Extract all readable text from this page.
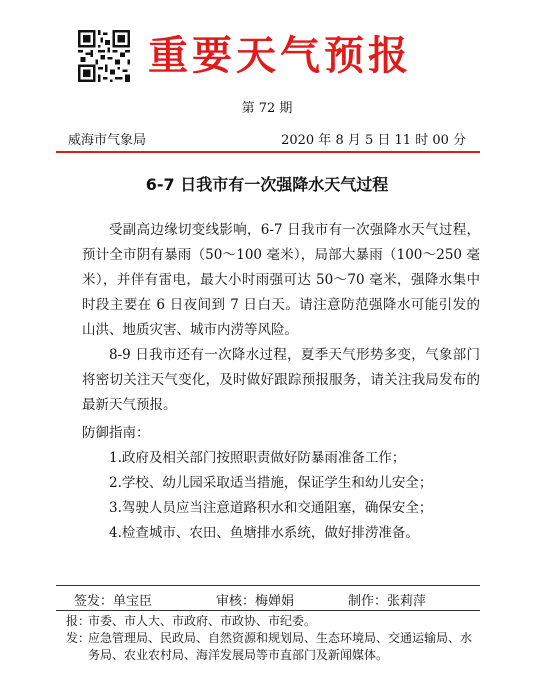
重要天气预报
第 72 期
威海市气象局	2020 年 8 月 5 日 11 时 00 分
6-7 日我市有一次强降水天气过程

受副高边缘切变线影响，6-7 日我市有一次强降水天气过程，预计全市阴有暴雨（50～100 毫米），局部大暴雨（100～250 毫米），并伴有雷电，最大小时雨强可达 50～70 毫米，强降水集中时段主要在 6 日夜间到 7 日白天。请注意防范强降水可能引发的山洪、地质灾害、城市内涝等风险。

8-9 日我市还有一次降水过程，夏季天气形势多变，气象部门将密切关注天气变化，及时做好跟踪预报服务，请关注我局发布的最新天气预报。

防御指南：

1.政府及相关部门按照职责做好防暴雨准备工作；
2.学校、幼儿园采取适当措施，保证学生和幼儿安全；
3.驾驶人员应当注意道路积水和交通阻塞，确保安全；
4.检查城市、农田、鱼塘排水系统，做好排涝准备。
签发：单宝臣	审核：梅婵娟	制作：张莉萍
报：
市委、市人大、市政府、市政协、市纪委。
发：
应急管理局、民政局、自然资源和规划局、生态环境局、交通运输局、水务局、农业农村局、海洋发展局等市直部门及新闻媒体。
